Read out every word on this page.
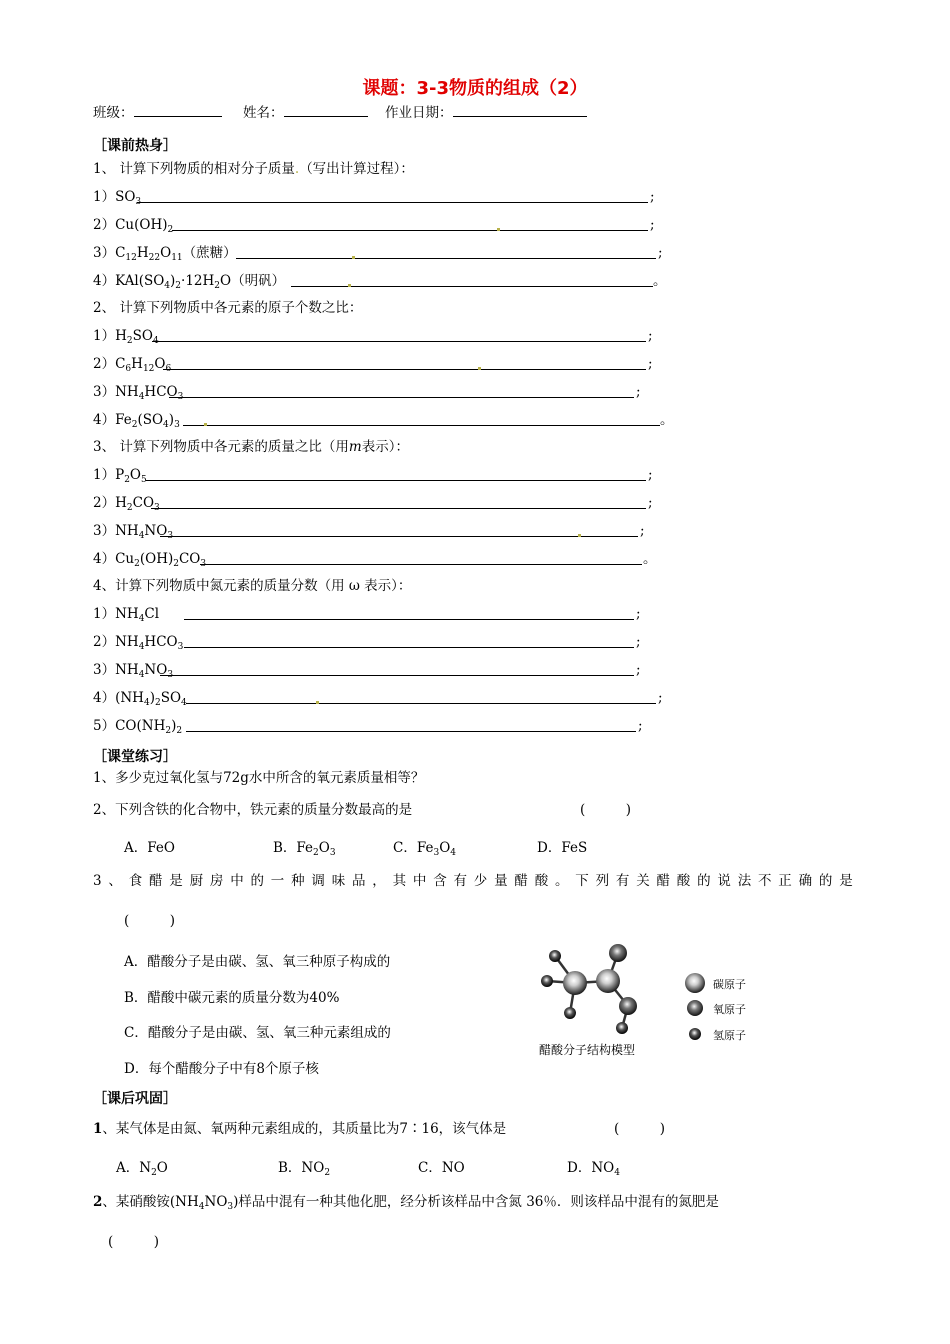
课题：3-3物质的组成（2）
班级：	姓名：	作业日期：
［课前热身］
1、 计算下列物质的相对分子质量.（写出计算过程）：
$1)SO_3$	;
$2)Cu(OH)_2$	;
$3)C_{12}H_{22}O_{11}$（蔗糖）	;
$4)KAl(SO_4)_2\cdot 12H_2O$（明矾）	。
2、 计算下列物质中各元素的原子个数之比：
$1)H_2SO_4$	;
$2)C_6H_{12}O_6$	;
$3)NH_4HCO_3$	;
$4)Fe_2(SO_4)_3$	。
3、 计算下列物质中各元素的质量之比（用m表示）：
$1)P_2O_5$	;
$2)H_2CO_3$	;
$3)NH_4NO_3$	;
$4)Cu_2(OH)_2CO_3$	。
4、计算下列物质中氮元素的质量分数（用 ω 表示）：
$1)NH_4Cl$	;
$2)NH_4HCO_3$	;
$3)NH_4NO_3$	;
$4)(NH_4)_2SO_4$	;
$5)CO(NH_2)_2$	;
［课堂练习］
1、多少克过氧化氢与72g水中所含的氧元素质量相等？
2、下列含铁的化合物中，铁元素的质量分数最高的是	(　　　)
A．FeO	B．$Fe_2O_3$	C．$Fe_3O_4$	D．FeS
3、食醋是厨房中的一种调味品，其中含有少量醋酸。下列有关醋酸的说法不正确的是
(　　　)
A．醋酸分子是由碳、氢、氧三种原子构成的
B．醋酸中碳元素的质量分数为40%
C．醋酸分子是由碳、氢、氧三种元素组成的
D．每个醋酸分子中有8个原子核
碳原子
氧原子
氢原子
醋酸分子结构模型
［课后巩固］
1、某气体是由氮、氧两种元素组成的，其质量比为7∶16，该气体是	(　　　)
A．$N_2O$	B．$NO_2$	C．NO	D．$NO_4$
2、某硝酸铵$(NH_4NO_3)$样品中混有一种其他化肥，经分析该样品中含氮 36％．则该样品中混有的氮肥是
(　　　)
